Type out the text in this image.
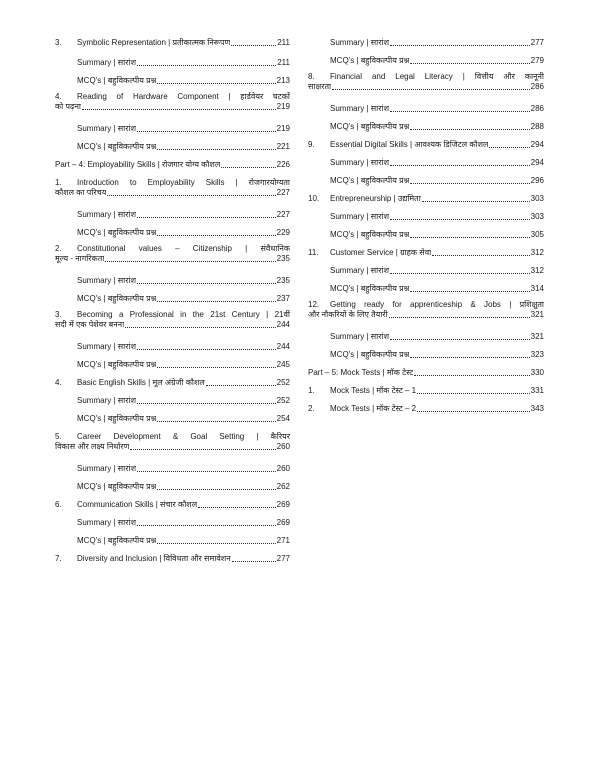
3. Symbolic Representation | प्रतीकात्मक निरूपण	211
Summary | सारांश	211
MCQ's | बहुविकल्पीय प्रश्न	213
4.	Reading of Hardware Component | हार्डवेयर घटकों
को पढ़ना	219
Summary | सारांश	219
MCQ's | बहुविकल्पीय प्रश्न	221
Part – 4: Employability Skills | रोजगार योग्य कौशल	226
1.	Introduction to Employability Skills | रोजगारयोग्यता
कौशल का परिचय	227
Summary | सारांश	227
MCQ's | बहुविकल्पीय प्रश्न	229
2.	Constitutional values – Citizenship | संवैधानिक
मूल्य - नागरिकता	235
Summary | सारांश	235
MCQ's | बहुविकल्पीय प्रश्न	237
3.	Becoming a Professional in the 21st Century | 21वीं
सदी में एक पेशेवर बनना	244
Summary | सारांश	244
MCQ's | बहुविकल्पीय प्रश्न	245
4. Basic English Skills | मूल अंग्रेजी कौशल	252
Summary | सारांश	252
MCQ's | बहुविकल्पीय प्रश्न	254
5.	Career Development & Goal Setting | कैरियर
विकास और लक्ष्य निर्धारण	260
Summary | सारांश	260
MCQ's | बहुविकल्पीय प्रश्न	262
6. Communication Skills | संचार कौशल	269
Summary | सारांश	269
MCQ's | बहुविकल्पीय प्रश्न	271
7. Diversity and Inclusion | विविधता और समावेशन	277
Summary | सारांश	277
MCQ's | बहुविकल्पीय प्रश्न	279
8.	Financial and Legal Literacy | वित्तीय और कानूनी
साक्षरता	286
Summary | सारांश	286
MCQ's | बहुविकल्पीय प्रश्न	288
9. Essential Digital Skills | आवश्यक डिजिटल कौशल	294
Summary | सारांश	294
MCQ's | बहुविकल्पीय प्रश्न	296
10. Entrepreneurship | उद्यमिता	303
Summary | सारांश	303
MCQ's | बहुविकल्पीय प्रश्न	305
11. Customer Service | ग्राहक सेवा	312
Summary | सारांश	312
MCQ's | बहुविकल्पीय प्रश्न	314
12.	Getting ready for apprenticeship & Jobs | प्रशिक्षुता
और नौकरियों के लिए तैयारी	321
Summary | सारांश	321
MCQ's | बहुविकल्पीय प्रश्न	323
Part – 5: Mock Tests | मॉक टेस्ट	330
1. Mock Tests | मॉक टेस्ट – 1	331
2. Mock Tests | मॉक टेस्ट – 2	343
